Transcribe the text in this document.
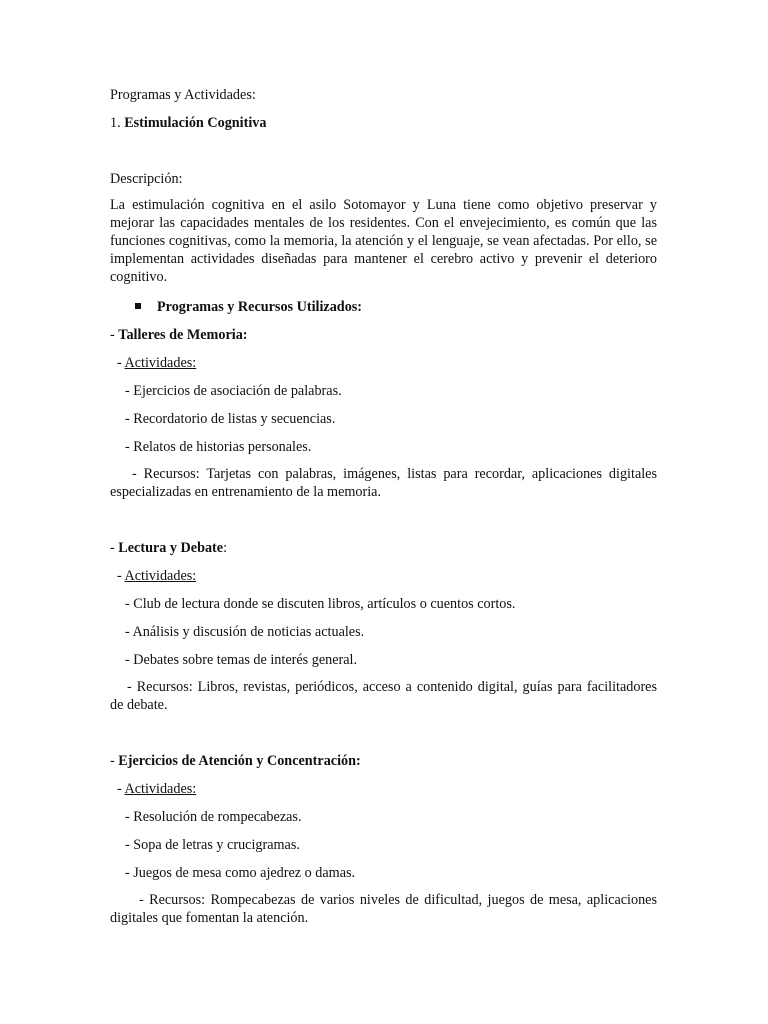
Programas y Actividades:

1. Estimulación Cognitiva

Descripción:

La estimulación cognitiva en el asilo Sotomayor y Luna tiene como objetivo preservar y mejorar las capacidades mentales de los residentes. Con el envejecimiento, es común que las funciones cognitivas, como la memoria, la atención y el lenguaje, se vean afectadas. Por ello, se implementan actividades diseñadas para mantener el cerebro activo y prevenir el deterioro cognitivo.

Programas y Recursos Utilizados:

- Talleres de Memoria:

- Actividades:

- Ejercicios de asociación de palabras.

- Recordatorio de listas y secuencias.

- Relatos de historias personales.

- Recursos: Tarjetas con palabras, imágenes, listas para recordar, aplicaciones digitales especializadas en entrenamiento de la memoria.

- Lectura y Debate:

- Actividades:

- Club de lectura donde se discuten libros, artículos o cuentos cortos.

- Análisis y discusión de noticias actuales.

- Debates sobre temas de interés general.

- Recursos: Libros, revistas, periódicos, acceso a contenido digital, guías para facilitadores de debate.

- Ejercicios de Atención y Concentración:

- Actividades:

- Resolución de rompecabezas.

- Sopa de letras y crucigramas.

- Juegos de mesa como ajedrez o damas.

- Recursos: Rompecabezas de varios niveles de dificultad, juegos de mesa, aplicaciones digitales que fomentan la atención.
